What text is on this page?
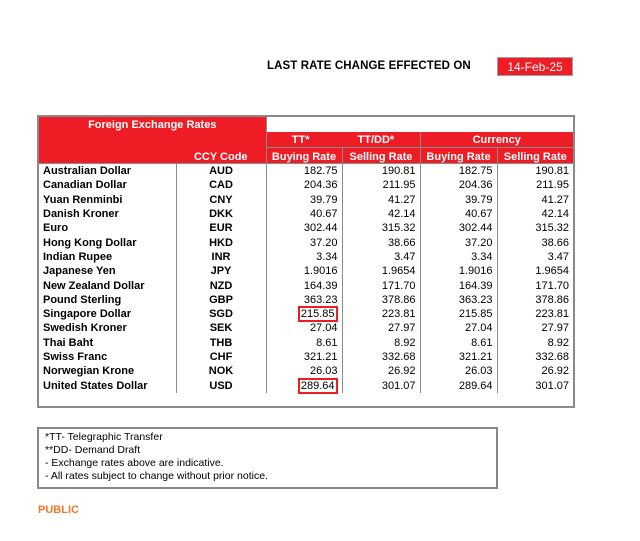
LAST RATE CHANGE EFFECTED ON	14-Feb-25
Foreign Exchange Rates					
	CCY Code	TT* TT/DD*		Currency	
		Buying Rate	Selling Rate	Buying Rate	Selling Rate
Australian Dollar	AUD	182.75	190.81	182.75	190.81
Canadian Dollar	CAD	204.36	211.95	204.36	211.95
Yuan Renminbi	CNY	39.79	41.27	39.79	41.27
Danish Kroner	DKK	40.67	42.14	40.67	42.14
Euro	EUR	302.44	315.32	302.44	315.32
Hong Kong Dollar	HKD	37.20	38.66	37.20	38.66
Indian Rupee	INR	3.34	3.47	3.34	3.47
Japanese Yen	JPY	1.9016	1.9654	1.9016	1.9654
New Zealand Dollar	NZD	164.39	171.70	164.39	171.70
Pound Sterling	GBP	363.23	378.86	363.23	378.86
Singapore Dollar	SGD	215.85	223.81	215.85	223.81
Swedish Kroner	SEK	27.04	27.97	27.04	27.97
Thai Baht	THB	8.61	8.92	8.61	8.92
Swiss Franc	CHF	321.21	332.68	321.21	332.68
Norwegian Krone	NOK	26.03	26.92	26.03	26.92
United States Dollar	USD	289.64	301.07	289.64	301.07
*TT- Telegraphic Transfer
**DD- Demand Draft
- Exchange rates above are indicative.
- All rates subject to change without prior notice.
PUBLIC
